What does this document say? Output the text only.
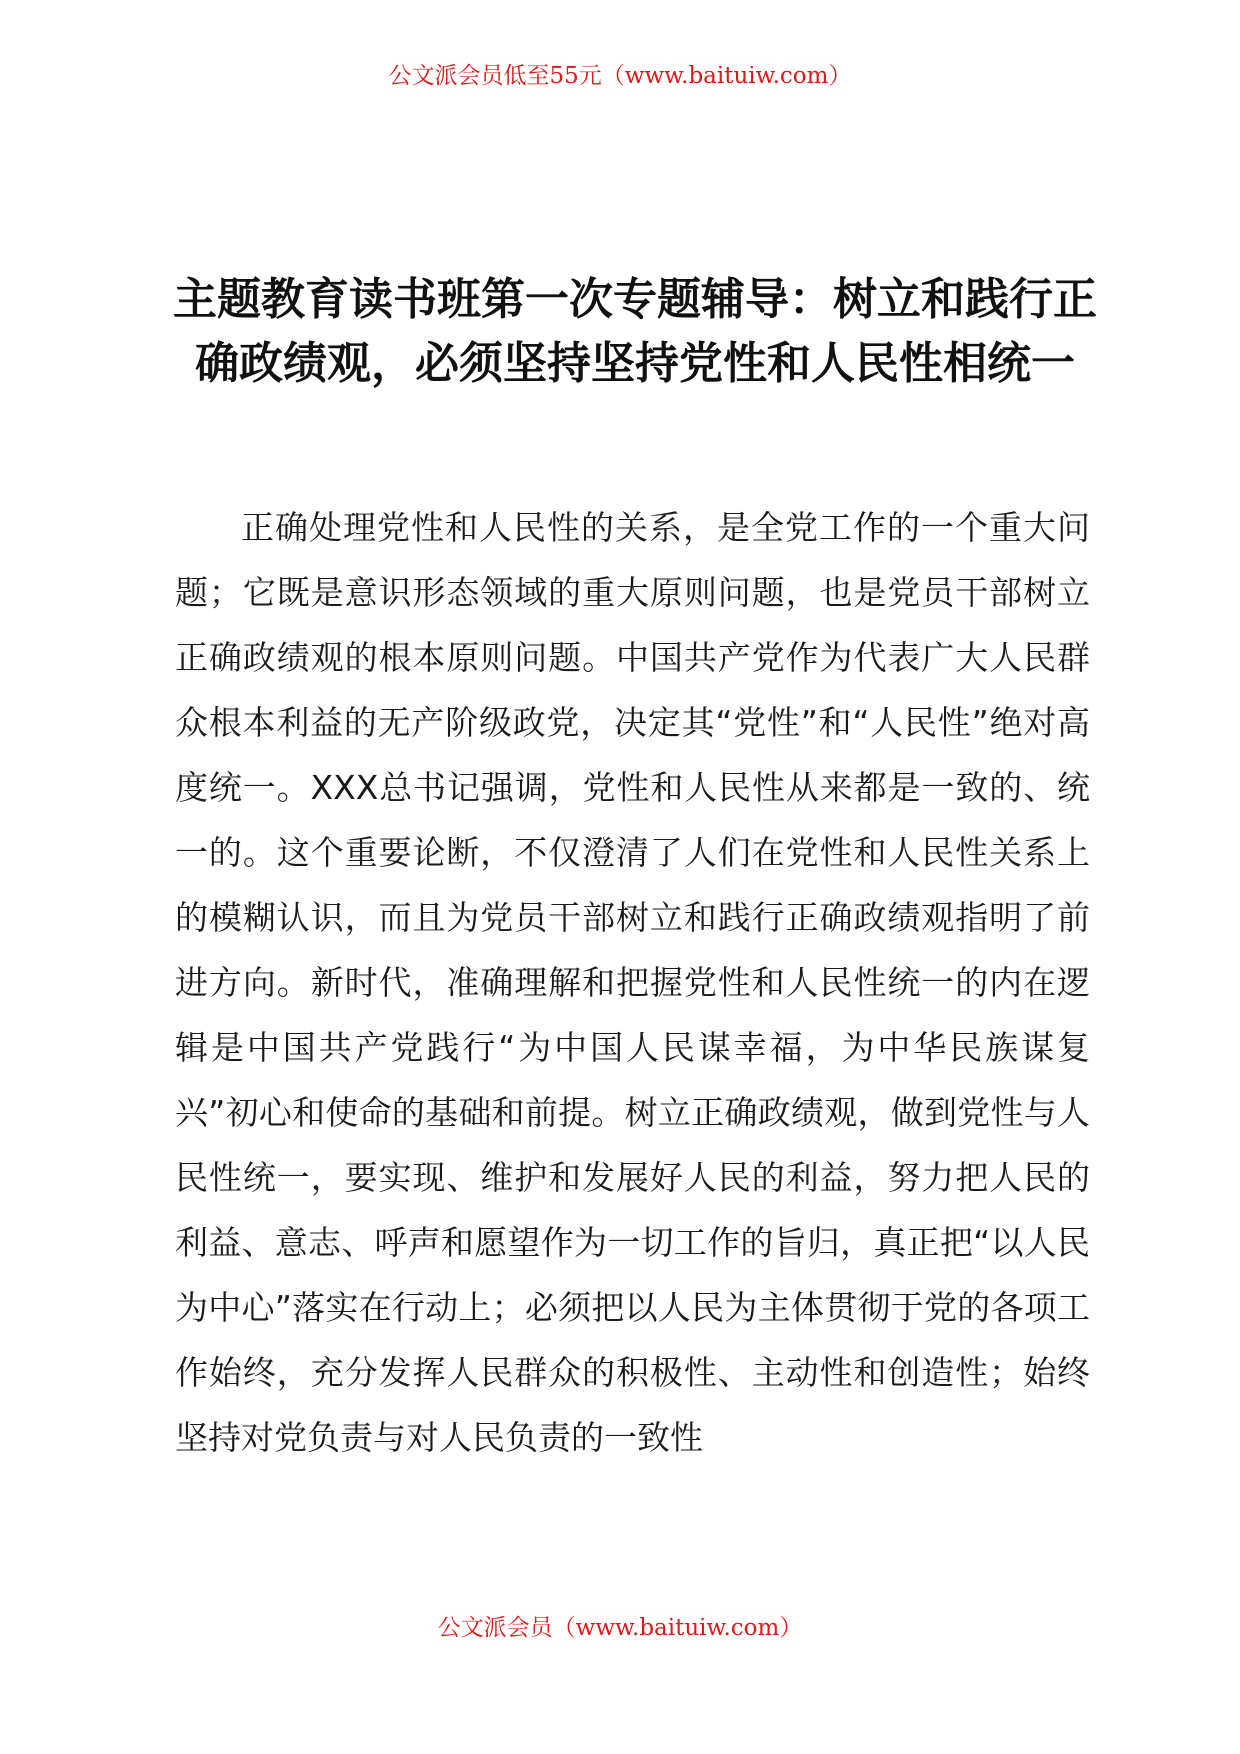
公文派会员低至55元（www.baituiw.com）
主题教育读书班第一次专题辅导：树立和践行正确政绩观，必须坚持坚持党性和人民性相统一

正确处理党性和人民性的关系，是全党工作的一个重大问题；它既是意识形态领域的重大原则问题，也是党员干部树立正确政绩观的根本原则问题。中国共产党作为代表广大人民群众根本利益的无产阶级政党，决定其“党性”和“人民性”绝对高度统一。XXX总书记强调，党性和人民性从来都是一致的、统一的。这个重要论断，不仅澄清了人们在党性和人民性关系上的模糊认识，而且为党员干部树立和践行正确政绩观指明了前进方向。新时代，准确理解和把握党性和人民性统一的内在逻辑是中国共产党践行“为中国人民谋幸福，为中华民族谋复兴”初心和使命的基础和前提。树立正确政绩观，做到党性与人民性统一，要实现、维护和发展好人民的利益，努力把人民的利益、意志、呼声和愿望作为一切工作的旨归，真正把“以人民为中心”落实在行动上；必须把以人民为主体贯彻于党的各项工作始终，充分发挥人民群众的积极性、主动性和创造性；始终坚持对党负责与对人民负责的一致性

公文派会员（www.baituiw.com）
